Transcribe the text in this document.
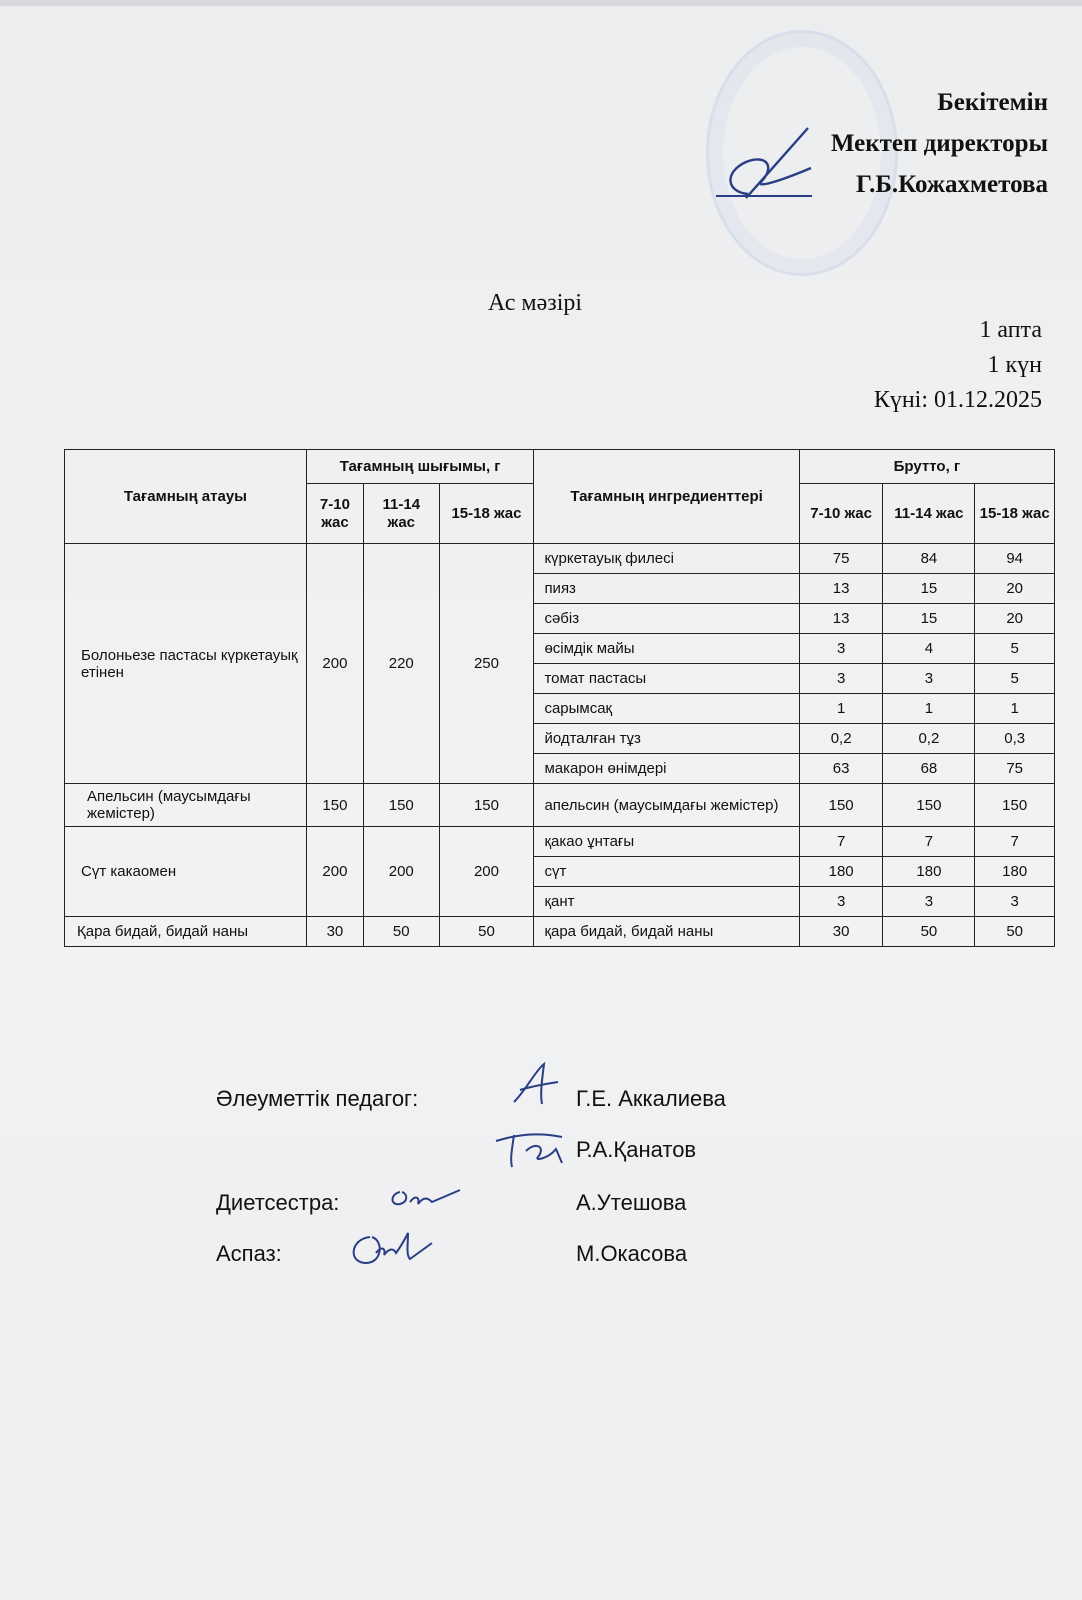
Бекітемін
Мектеп директоры
Г.Б.Кожахметова
Ас мәзірі
1 апта
1 күн
Күні: 01.12.2025
Тағамның атауы	Тағамның шығымы, г			Тағамның ингредиенттері	Брутто, г		
	7-10 жас	11-14 жас	15-18 жас		7-10 жас	11-14 жас	15-18 жас
Болоньезе пастасы күркетауық етінен	200	220	250	күркетауық филесі	75	84	94
				пияз	13	15	20
				сәбіз	13	15	20
				өсімдік майы	3	4	5
				томат пастасы	3	3	5
				сарымсақ	1	1	1
				йодталған тұз	0,2	0,2	0,3
				макарон өнімдері	63	68	75
Апельсин (маусымдағы жемістер)	150	150	150	апельсин (маусымдағы жемістер)	150	150	150
Сүт какаомен	200	200	200	қакао ұнтағы	7	7	7
				сүт	180	180	180
				қант	3	3	3
Қара бидай, бидай наны	30	50	50	қара бидай, бидай наны	30	50	50
Әлеуметтік педагог:	Г.Е. Аккалиева
Р.А.Қанатов
Диетсестра:	А.Утешова
Аспаз:	М.Окасова
